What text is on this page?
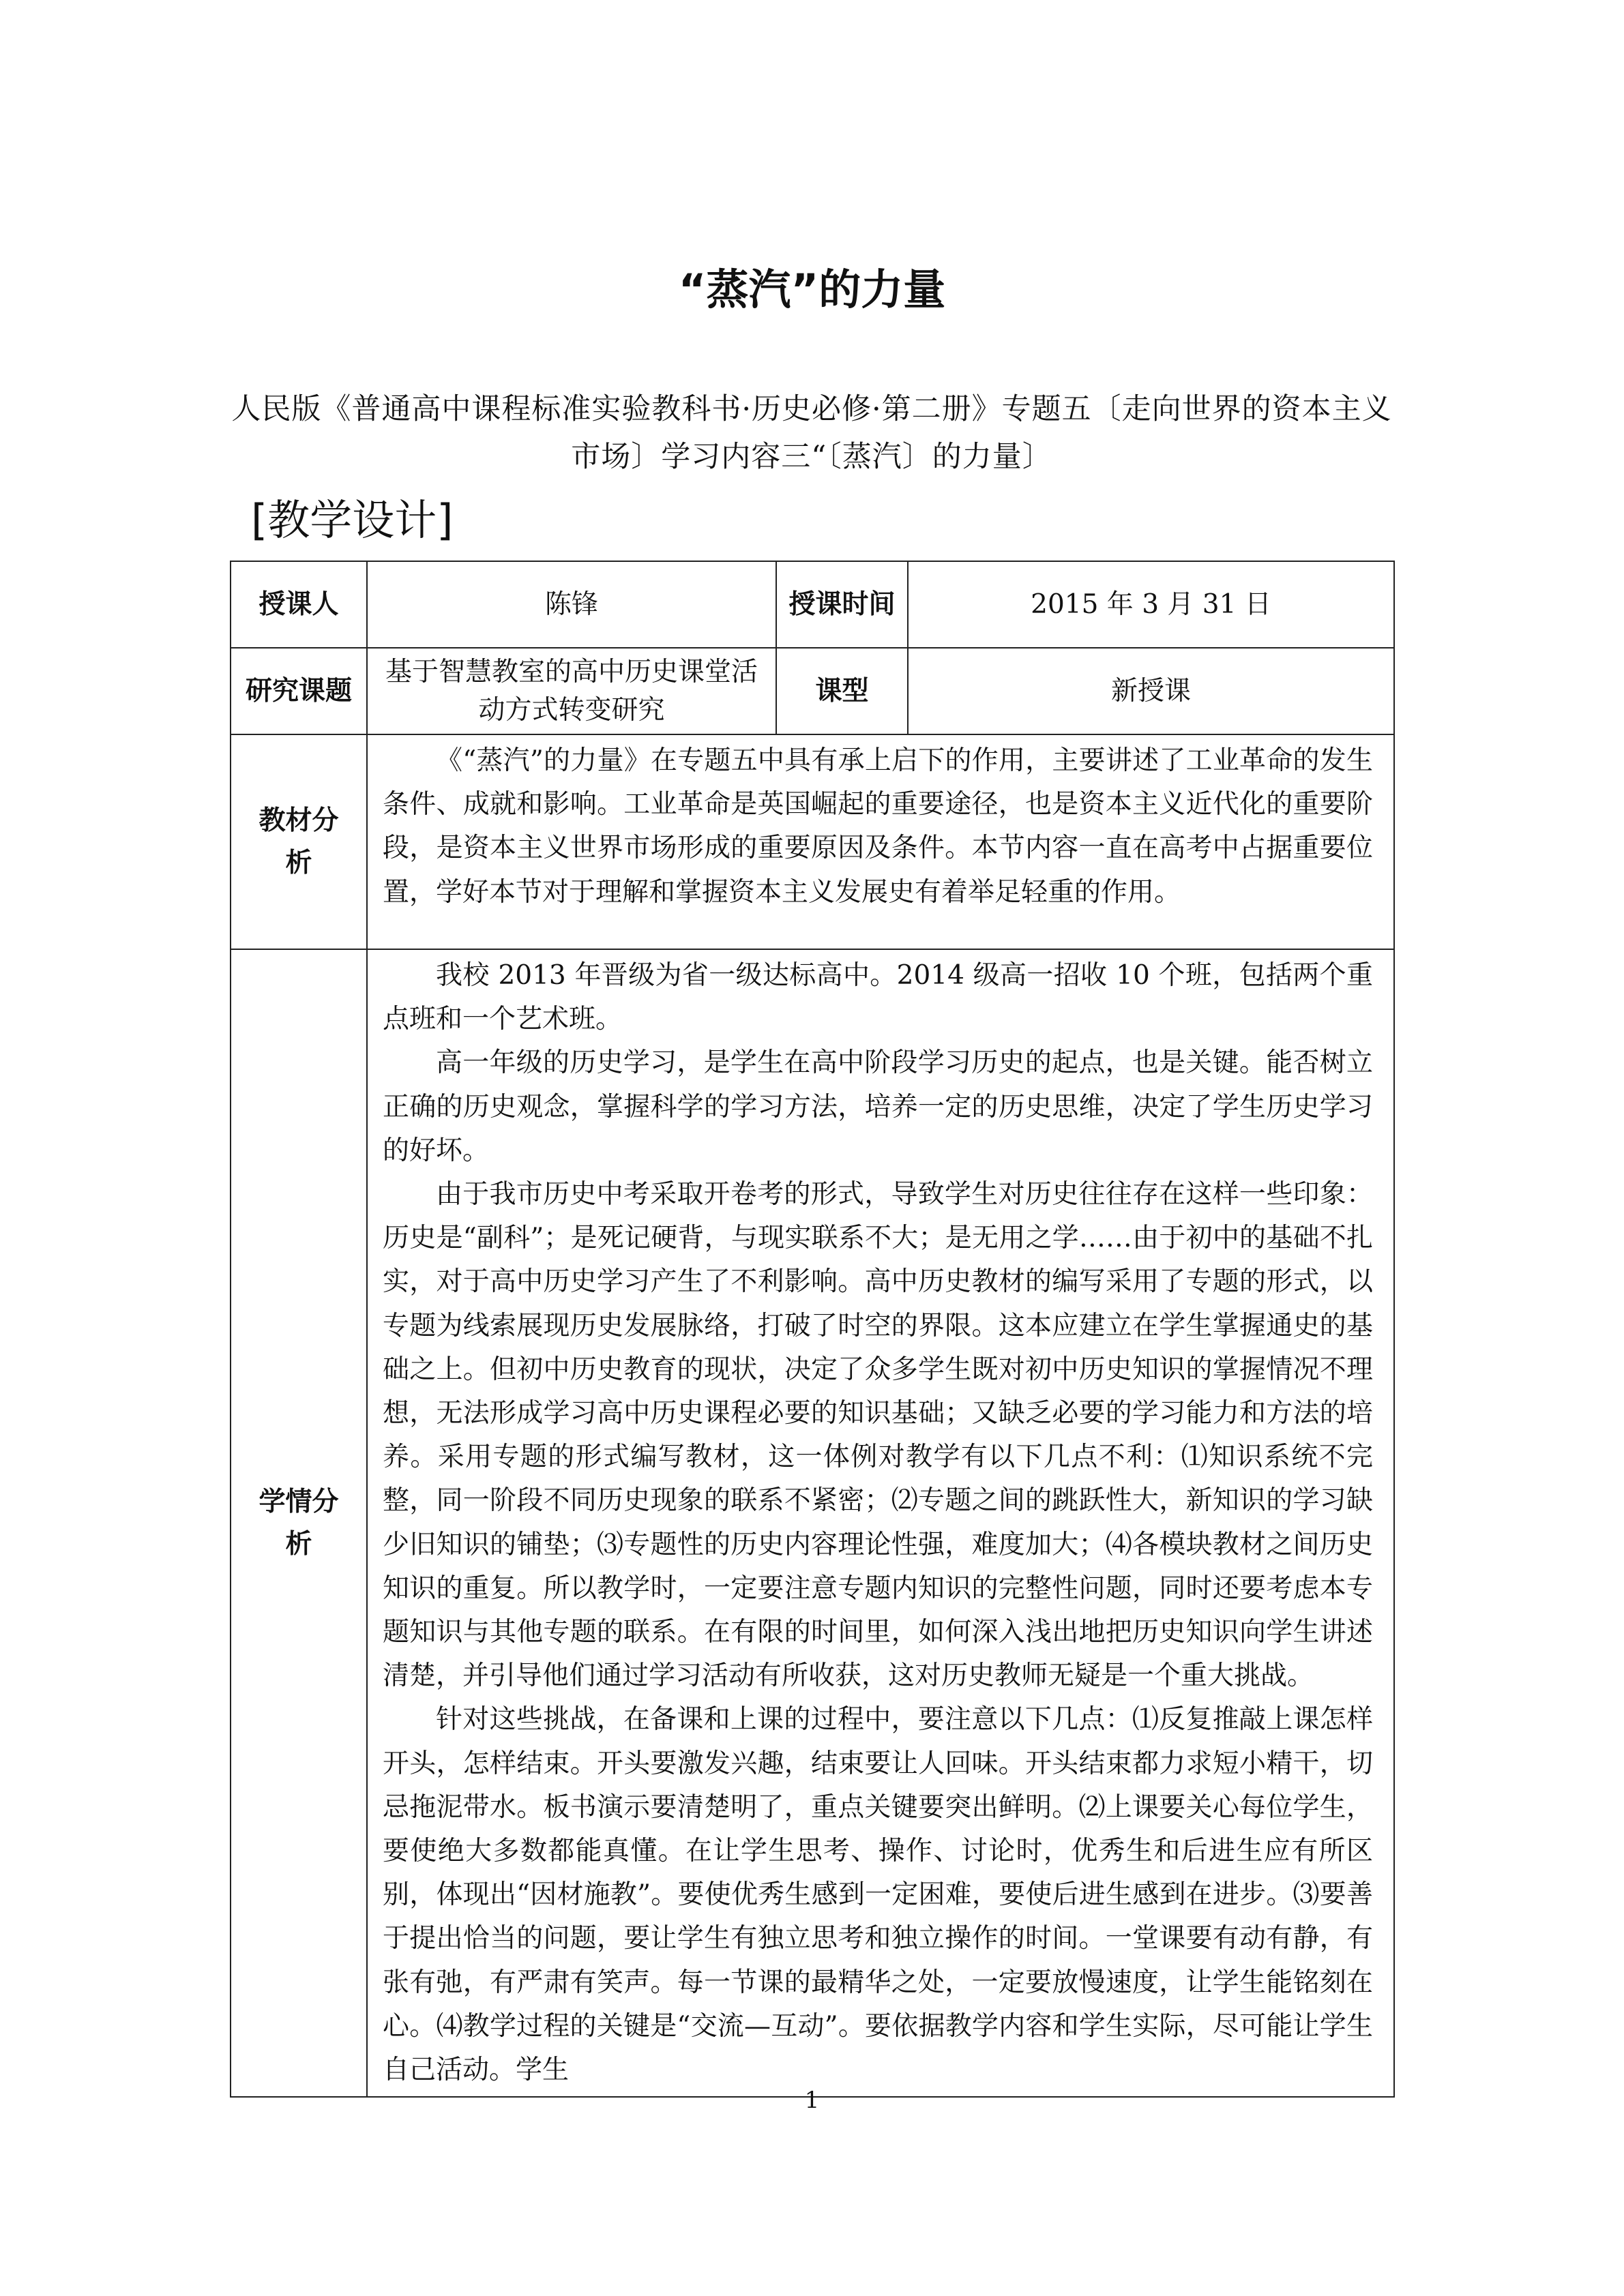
“蒸汽”的力量
人民版《普通高中课程标准实验教科书·历史必修·第二册》专题五〔走向世界的资本主义市场〕学习内容三“〔蒸汽〕的力量〕
[教学设计]
授课人	陈锋	授课时间	2015 年 3 月 31 日
研究课题	基于智慧教室的高中历史课堂活动方式转变研究	课型	新授课
教材分析	《“蒸汽”的力量》在专题五中具有承上启下的作用，主要讲述了工业革命的发生条件、成就和影响。工业革命是英国崛起的重要途径，也是资本主义近代化的重要阶段，是资本主义世界市场形成的重要原因及条件。本节内容一直在高考中占据重要位置，学好本节对于理解和掌握资本主义发展史有着举足轻重的作用。		

学情分析	我校 2013 年晋级为省一级达标高中。2014 级高一招收 10 个班，包括两个重点班和一个艺术班。

高一年级的历史学习，是学生在高中阶段学习历史的起点，也是关键。能否树立正确的历史观念，掌握科学的学习方法，培养一定的历史思维，决定了学生历史学习的好坏。

由于我市历史中考采取开卷考的形式，导致学生对历史往往存在这样一些印象：历史是“副科”；是死记硬背，与现实联系不大；是无用之学……由于初中的基础不扎实，对于高中历史学习产生了不利影响。高中历史教材的编写采用了专题的形式，以专题为线索展现历史发展脉络，打破了时空的界限。这本应建立在学生掌握通史的基础之上。但初中历史教育的现状，决定了众多学生既对初中历史知识的掌握情况不理想，无法形成学习高中历史课程必要的知识基础；又缺乏必要的学习能力和方法的培养。采用专题的形式编写教材，这一体例对教学有以下几点不利：⑴知识系统不完整，同一阶段不同历史现象的联系不紧密；⑵专题之间的跳跃性大，新知识的学习缺少旧知识的铺垫；⑶专题性的历史内容理论性强，难度加大；⑷各模块教材之间历史知识的重复。所以教学时，一定要注意专题内知识的完整性问题，同时还要考虑本专题知识与其他专题的联系。在有限的时间里，如何深入浅出地把历史知识向学生讲述清楚，并引导他们通过学习活动有所收获，这对历史教师无疑是一个重大挑战。

针对这些挑战，在备课和上课的过程中，要注意以下几点：⑴反复推敲上课怎样开头，怎样结束。开头要激发兴趣，结束要让人回味。开头结束都力求短小精干，切忌拖泥带水。板书演示要清楚明了，重点关键要突出鲜明。⑵上课要关心每位学生，要使绝大多数都能真懂。在让学生思考、操作、讨论时，优秀生和后进生应有所区别，体现出“因材施教”。要使优秀生感到一定困难，要使后进生感到在进步。⑶要善于提出恰当的问题，要让学生有独立思考和独立操作的时间。一堂课要有动有静，有张有弛，有严肃有笑声。每一节课的最精华之处，一定要放慢速度，让学生能铭刻在心。⑷教学过程的关键是“交流—互动”。要依据教学内容和学生实际，尽可能让学生自己活动。学生		

1
